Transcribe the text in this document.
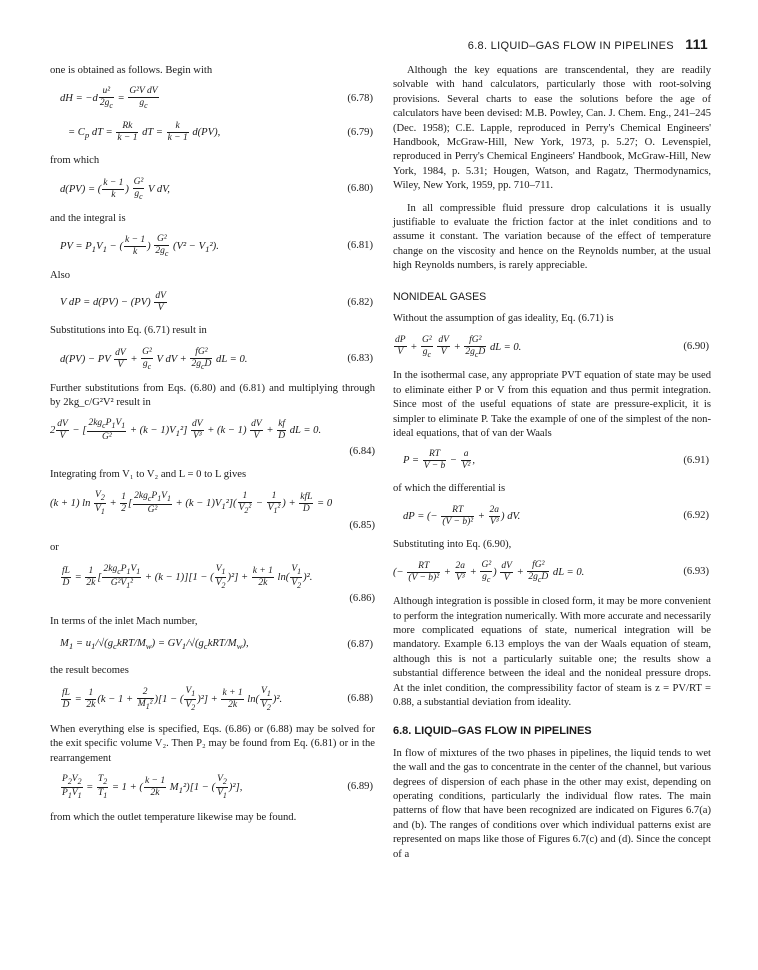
6.8. LIQUID–GAS FLOW IN PIPELINES 111

one is obtained as follows. Begin with

dH = $-d \frac{\text{u²}}{2g_c} = \frac{\text{G²V dV}}{g_c}$	(6.78)
= $C_p$ dT = $\frac{Rk}{k - 1}$ dT = $\frac{k}{k - 1} d(PV)$,	(6.79)

from which

d(PV) = ( $\frac{k - 1}{k}$ ) $\frac{\text{G²}}{g_c}$ V dV,	(6.80)

and the integral is

PV = $P_1V_1$ − ( $\frac{k - 1}{k}$ ) $\frac{\text{G²}}{2g_c} (V^2 - V_1^2)$.	(6.81)

Also

V dP = $d(PV) - (PV) \frac{dV}{V}$	(6.82)

Substitutions into Eq. (6.71) result in

d(PV) − PV $\frac{dV}{V} + \frac{\text{G²}}{g_c}$ V dV + $\frac{\text{fG²}}{2g_cD}$ dL = 0.	(6.83)

Further substitutions from Eqs. (6.80) and (6.81) and multiplying through by 2kg_c/G²V² result in

$2 \frac{dV}{V}$ − [ $\frac{2kg_cP_1V_1}{\text{G²}} + (k - 1)V_1^2] \frac{dV}{\text{V³}} + (k - 1) \frac{dV}{V} + \frac{kf}{D}$ dL = 0.
(6.84)

Integrating from V₁ to V₂ and L = 0 to L gives

(k + 1) $\ln \frac{V_2}{V_1} + \frac{1}{2}$ [ $\frac{2kg_cP_1V_1}{\text{G²}} + (k - 1)V_1^2]( \frac{1}{V_2^2} - \frac{1}{V_1^2}$ ) + $\frac{\text{kfL}}{D} = 0$
(6.85)

or

$\frac{fL}{D} = \frac{1}{2k}$ [ $\frac{2kg_cP_1V_1}{G^2V_1^2} + (k - 1)][1$ − ( $\frac{V_1}{V_2} )^2] + \frac{k + 1}{2k} \ln( \frac{V_1}{V_2} )^2$.
(6.86)

In terms of the inlet Mach number,

$M_1 = u_1/√(g_ckRT/M_w) = GV_1/√(g_ckRT/M_w)$,	(6.87)

the result becomes

$\frac{fL}{D} = \frac{1}{2k} (k - 1 + \frac{2}{M_1^2} )[1$ − ( $\frac{V_1}{V_2} )^2] + \frac{k + 1}{2k} \ln( \frac{V_1}{V_2} )^2$.	(6.88)

When everything else is specified, Eqs. (6.86) or (6.88) may be solved for the exit specific volume V₂. Then P₂ may be found from Eq. (6.81) or in the rearrangement

$\frac{P_2V_2}{P_1V_1} = \frac{T_2}{T_1} = 1$ + ( $\frac{k - 1}{2k} M_1^2)[1$ − ( $\frac{V_2}{V_1} )^2$],	(6.89)

from which the outlet temperature likewise may be found.

Although the key equations are transcendental, they are readily solvable with hand calculators, particularly those with root-solving provisions. Several charts to ease the solutions before the age of calculators have been devised: M.B. Powley, Can. J. Chem. Eng., 241–245 (Dec. 1958); C.E. Lapple, reproduced in Perry's Chemical Engineers' Handbook, McGraw-Hill, New York, 1973, p. 5.27; O. Levenspiel, reproduced in Perry's Chemical Engineers' Handbook, McGraw-Hill, New York, 1984, p. 5.31; Hougen, Watson, and Ragatz, Thermodynamics, Wiley, New York, 1959, pp. 710–711.

In all compressible fluid pressure drop calculations it is usually justifiable to evaluate the friction factor at the inlet conditions and to assume it constant. The variation because of the effect of temperature change on the viscosity and hence on the Reynolds number, at the usual high Reynolds numbers, is rarely appreciable.

NONIDEAL GASES

Without the assumption of gas ideality, Eq. (6.71) is

$\frac{dP}{V} + \frac{\text{G²}}{g_c}$
$\frac{dV}{V} + \frac{\text{fG²}}{2g_cD}$ dL = 0.	(6.90)

In the isothermal case, any appropriate PVT equation of state may be used to eliminate either P or V from this equation and thus permit integration. Since most of the useful equations of state are pressure-explicit, it is simpler to eliminate P. Take the example of one of the simplest of the non-ideal equations, that of van der Waals

$P = \frac{RT}{V - b} - \frac{a}{\text{V²}}$ ,	(6.91)

of which the differential is

dP = (− $\frac{RT}{\text{(V − b)²}} + \frac{2a}{\text{V³}}$ ) dV.	(6.92)

Substituting into Eq. (6.90),

(− $\frac{RT}{\text{(V − b)²}} + \frac{2a}{\text{V³}} + \frac{\text{G²}}{g_c}$ ) $\frac{dV}{V} + \frac{\text{fG²}}{2g_cD}$ dL = 0.	(6.93)

Although integration is possible in closed form, it may be more convenient to perform the integration numerically. With more accurate and necessarily more complicated equations of state, numerical integration will be mandatory. Example 6.13 employs the van der Waals equation of steam, although this is not a particularly suitable one; the results show a substantial difference between the ideal and the nonideal pressure drops. At the inlet condition, the compressibility factor of steam is z = PV/RT = 0.88, a substantial deviation from ideality.

6.8. LIQUID–GAS FLOW IN PIPELINES

In flow of mixtures of the two phases in pipelines, the liquid tends to wet the wall and the gas to concentrate in the center of the channel, but various degrees of dispersion of each phase in the other may exist, depending on operating conditions, particularly the individual flow rates. The main patterns of flow that have been recognized are indicated on Figures 6.7(a) and (b). The ranges of conditions over which individual patterns exist are represented on maps like those of Figures 6.7(c) and (d). Since the concept of a
